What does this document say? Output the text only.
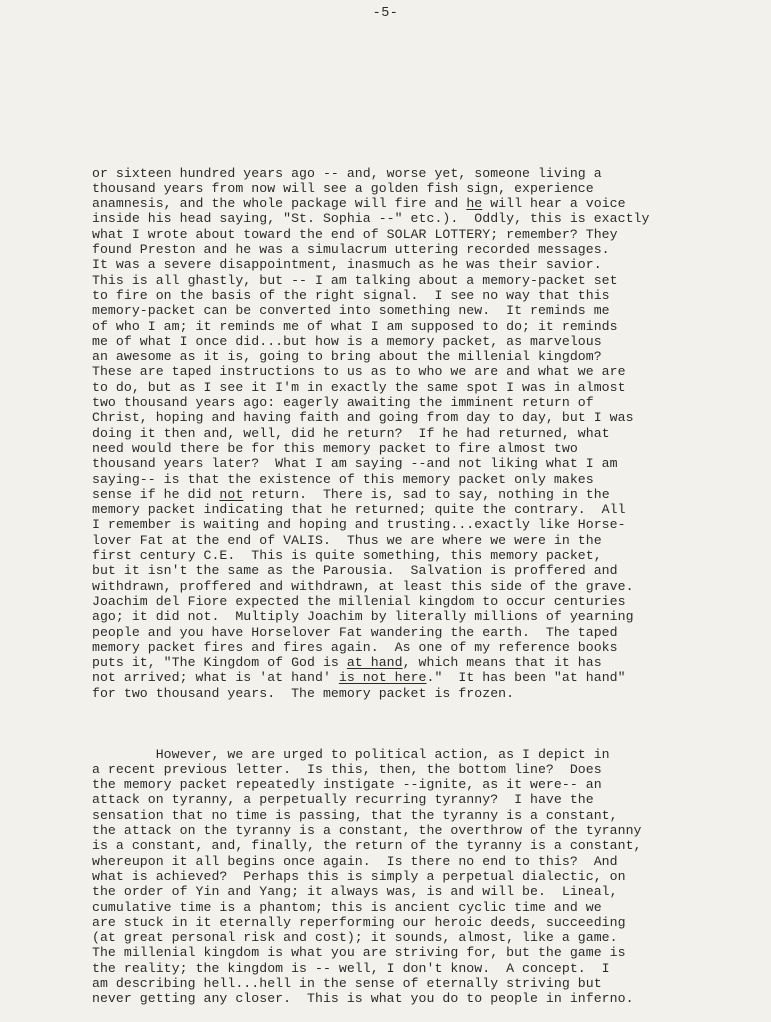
-5-

or sixteen hundred years ago -- and, worse yet, someone living a
thousand years from now will see a golden fish sign, experience
anamnesis, and the whole package will fire and he will hear a voice
inside his head saying, "St. Sophia --" etc.).  Oddly, this is exactly
what I wrote about toward the end of SOLAR LOTTERY; remember? They
found Preston and he was a simulacrum uttering recorded messages.
It was a severe disappointment, inasmuch as he was their savior.
This is all ghastly, but -- I am talking about a memory-packet set
to fire on the basis of the right signal.  I see no way that this
memory-packet can be converted into something new.  It reminds me
of who I am; it reminds me of what I am supposed to do; it reminds
me of what I once did...but how is a memory packet, as marvelous
an awesome as it is, going to bring about the millenial kingdom?
These are taped instructions to us as to who we are and what we are
to do, but as I see it I'm in exactly the same spot I was in almost
two thousand years ago: eagerly awaiting the imminent return of
Christ, hoping and having faith and going from day to day, but I was
doing it then and, well, did he return?  If he had returned, what
need would there be for this memory packet to fire almost two
thousand years later?  What I am saying --and not liking what I am
saying-- is that the existence of this memory packet only makes
sense if he did not return.  There is, sad to say, nothing in the
memory packet indicating that he returned; quite the contrary.  All
I remember is waiting and hoping and trusting...exactly like Horse-
lover Fat at the end of VALIS.  Thus we are where we were in the
first century C.E.  This is quite something, this memory packet,
but it isn't the same as the Parousia.  Salvation is proffered and
withdrawn, proffered and withdrawn, at least this side of the grave.
Joachim del Fiore expected the millenial kingdom to occur centuries
ago; it did not.  Multiply Joachim by literally millions of yearning
people and you have Horselover Fat wandering the earth.  The taped
memory packet fires and fires again.  As one of my reference books
puts it, "The Kingdom of God is at hand, which means that it has
not arrived; what is 'at hand' is not here."  It has been "at hand"
for two thousand years.  The memory packet is frozen.

However, we are urged to political action, as I depict in
a recent previous letter.  Is this, then, the bottom line?  Does
the memory packet repeatedly instigate --ignite, as it were-- an
attack on tyranny, a perpetually recurring tyranny?  I have the
sensation that no time is passing, that the tyranny is a constant,
the attack on the tyranny is a constant, the overthrow of the tyranny
is a constant, and, finally, the return of the tyranny is a constant,
whereupon it all begins once again.  Is there no end to this?  And
what is achieved?  Perhaps this is simply a perpetual dialectic, on
the order of Yin and Yang; it always was, is and will be.  Lineal,
cumulative time is a phantom; this is ancient cyclic time and we
are stuck in it eternally reperforming our heroic deeds, succeeding
(at great personal risk and cost); it sounds, almost, like a game.
The millenial kingdom is what you are striving for, but the game is
the reality; the kingdom is -- well, I don't know.  A concept.  I
am describing hell...hell in the sense of eternally striving but
never getting any closer.  This is what you do to people in inferno.
